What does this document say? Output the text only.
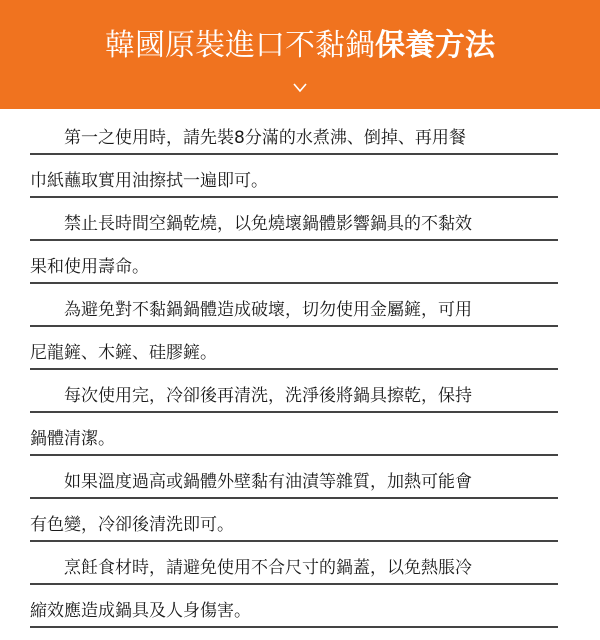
韓國原裝進口不黏鍋保養方法
第一之使用時，請先裝8分滿的水煮沸、倒掉、再用餐
巾紙蘸取實用油擦拭一遍即可。
禁止長時間空鍋乾燒，以免燒壞鍋體影響鍋具的不黏效
果和使用壽命。
為避免對不黏鍋鍋體造成破壞，切勿使用金屬鏟，可用
尼龍鏟、木鏟、硅膠鏟。
每次使用完，冷卻後再清洗，洗淨後將鍋具擦乾，保持
鍋體清潔。
如果溫度過高或鍋體外壁黏有油漬等雜質，加熱可能會
有色變，冷卻後清洗即可。
烹飪食材時，請避免使用不合尺寸的鍋蓋，以免熱脹冷
縮效應造成鍋具及人身傷害。
